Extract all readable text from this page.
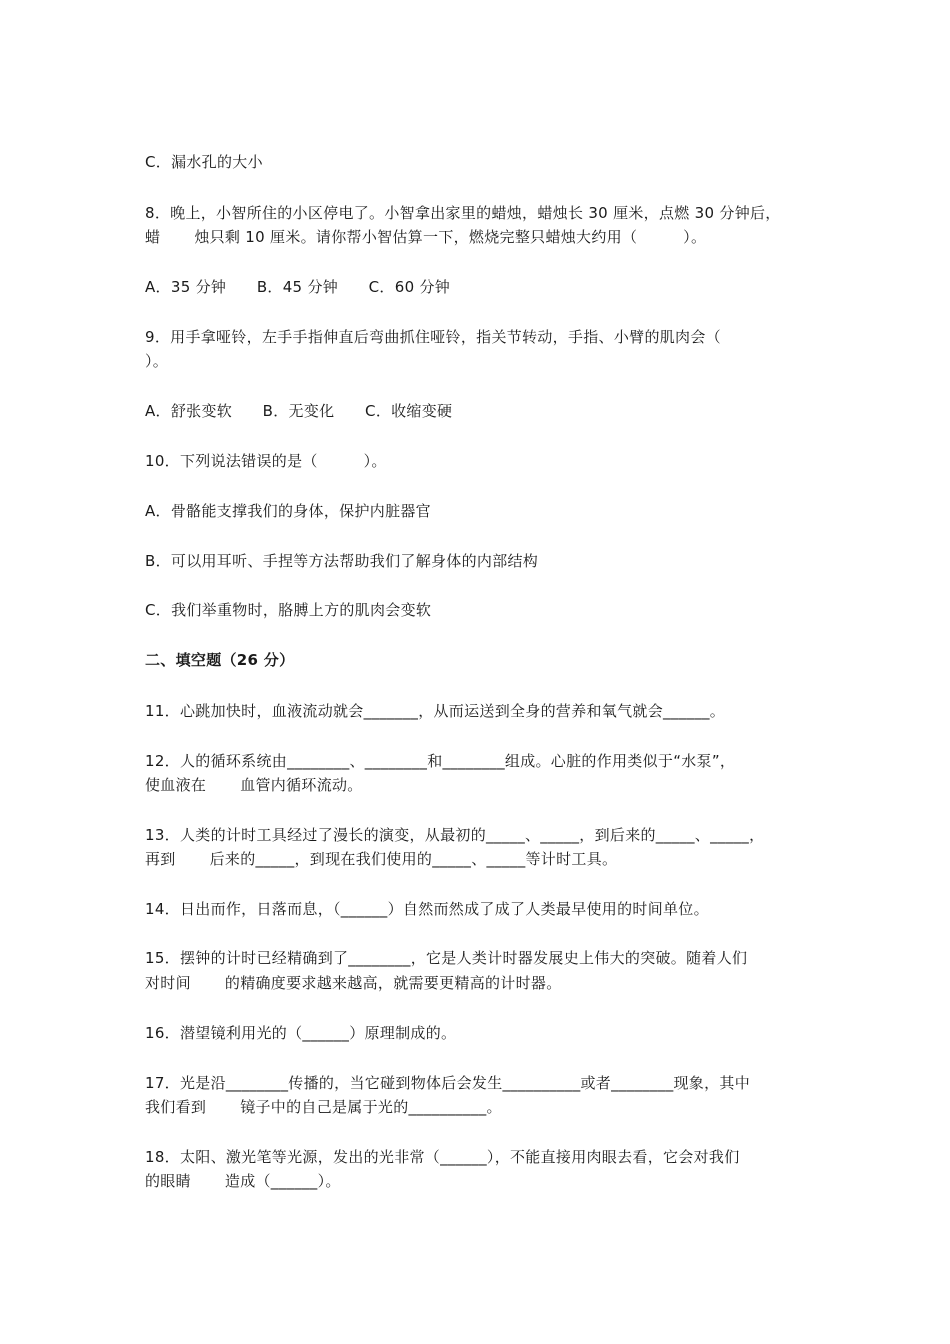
C．漏水孔的大小
8．晚上，小智所住的小区停电了。小智拿出家里的蜡烛，蜡烛长 30 厘米，点燃 30 分钟后，
蜡 烛只剩 10 厘米。请你帮小智估算一下，燃烧完整只蜡烛大约用（　　　）。
A．35 分钟　　B．45 分钟　　C．60 分钟
9．用手拿哑铃，左手手指伸直后弯曲抓住哑铃，指关节转动，手指、小臂的肌肉会（
）。
A．舒张变软　　B．无变化　　C．收缩变硬
10．下列说法错误的是（　　　）。
A．骨骼能支撑我们的身体，保护内脏器官
B．可以用耳听、手捏等方法帮助我们了解身体的内部结构
C．我们举重物时，胳膊上方的肌肉会变软
二、填空题（26 分）
11．心跳加快时，血液流动就会_______，从而运送到全身的营养和氧气就会______。
12．人的循环系统由________、________和________组成。心脏的作用类似于“水泵”，
使血液在 血管内循环流动。
13．人类的计时工具经过了漫长的演变，从最初的_____、_____，到后来的_____、_____，
再到 后来的_____，到现在我们使用的_____、_____等计时工具。
14．日出而作，日落而息，（______）自然而然成了成了人类最早使用的时间单位。
15．摆钟的计时已经精确到了________，它是人类计时器发展史上伟大的突破。随着人们
对时间 的精确度要求越来越高，就需要更精高的计时器。
16．潜望镜利用光的（______）原理制成的。
17．光是沿________传播的，当它碰到物体后会发生__________或者________现象，其中
我们看到 镜子中的自己是属于光的__________。
18．太阳、激光笔等光源，发出的光非常（______），不能直接用肉眼去看，它会对我们
的眼睛 造成（______）。
